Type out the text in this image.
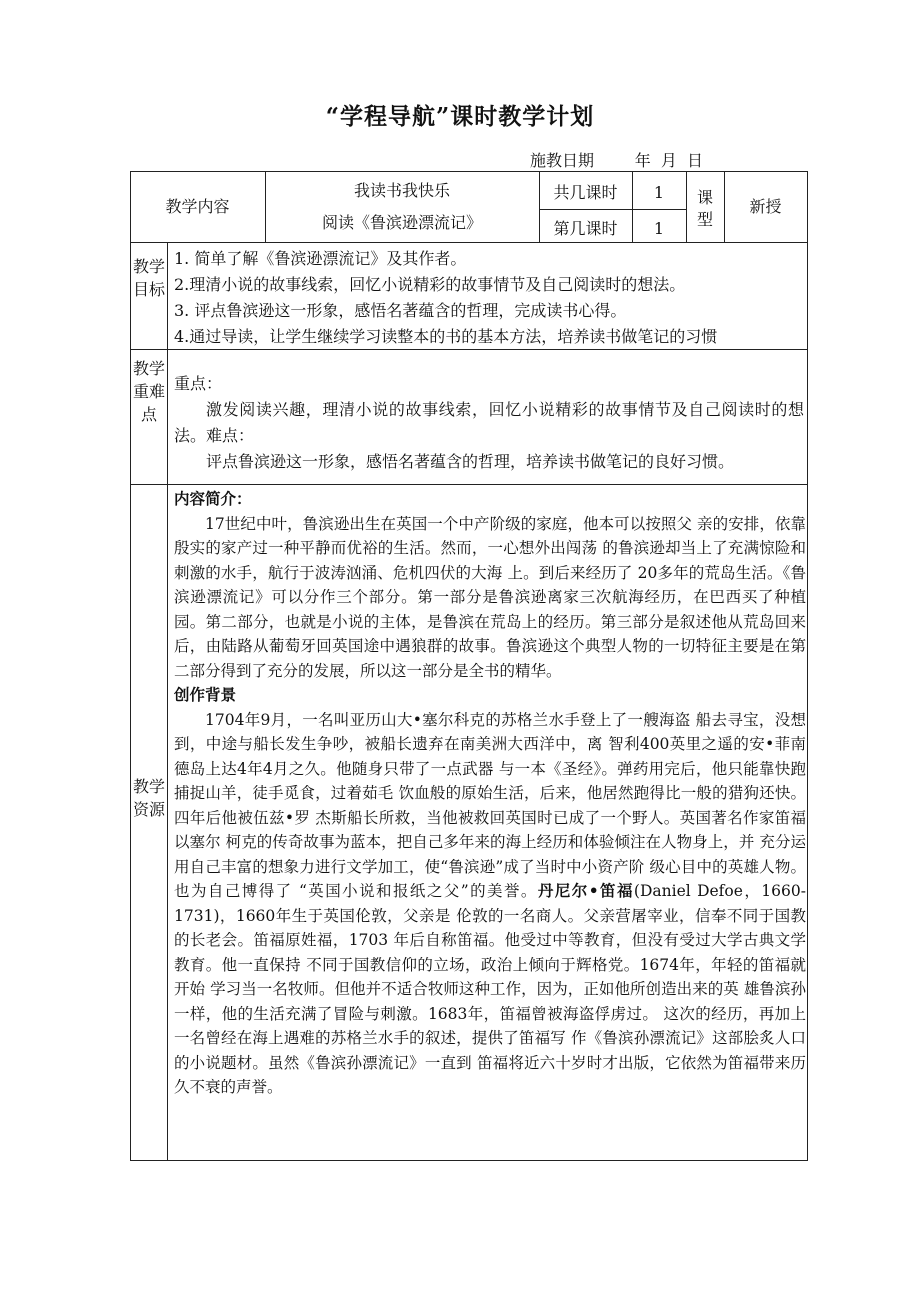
“学程导航”课时教学计划
施教日期        年  月  日
教学内容
我读书我快乐
阅读《鲁滨逊漂流记》
共几课时	1
第几课时	1
课型
新授
教学目标
1. 简单了解《鲁滨逊漂流记》及其作者。
2.理清小说的故事线索，回忆小说精彩的故事情节及自己阅读时的想法。
3. 评点鲁滨逊这一形象，感悟名著蕴含的哲理，完成读书心得。
4.通过导读，让学生继续学习读整本的书的基本方法，培养读书做笔记的习惯
教学重难点

重点：

激发阅读兴趣，理清小说的故事线索，回忆小说精彩的故事情节及自己阅读时的想法。难点：

评点鲁滨逊这一形象，感悟名著蕴含的哲理，培养读书做笔记的良好习惯。

教学资源

内容简介：

17世纪中叶，鲁滨逊出生在英国一个中产阶级的家庭，他本可以按照父 亲的安排，依靠殷实的家产过一种平静而优裕的生活。然而，一心想外出闯荡 的鲁滨逊却当上了充满惊险和刺激的水手，航行于波涛汹涌、危机四伏的大海 上。到后来经历了 20多年的荒岛生活。《鲁滨逊漂流记》可以分作三个部分。第一部分是鲁滨逊离家三次航海经历，在巴西买了种植园。第二部分，也就是小说的主体，是鲁滨在荒岛上的经历。第三部分是叙述他从荒岛回来后，由陆路从葡萄牙回英国途中遇狼群的故事。鲁滨逊这个典型人物的一切特征主要是在第二部分得到了充分的发展，所以这一部分是全书的精华。

创作背景

1704年9月，一名叫亚历山大•塞尔科克的苏格兰水手登上了一艘海盗 船去寻宝，没想到，中途与船长发生争吵，被船长遗弃在南美洲大西洋中，离 智利400英里之遥的安•菲南德岛上达4年4月之久。他随身只带了一点武器 与一本《圣经》。弹药用完后，他只能靠快跑捕捉山羊，徒手觅食，过着茹毛 饮血般的原始生活，后来，他居然跑得比一般的猎狗还快。四年后他被伍兹•罗 杰斯船长所救，当他被救回英国时已成了一个野人。英国著名作家笛福以塞尔 柯克的传奇故事为蓝本，把自己多年来的海上经历和体验倾注在人物身上，并 充分运用自己丰富的想象力进行文学加工，使“鲁滨逊”成了当时中小资产阶 级心目中的英雄人物。也为自己博得了 “英国小说和报纸之父”的美誉。丹尼尔•笛福(Daniel Defoe，1660-1731)，1660年生于英国伦敦，父亲是 伦敦的一名商人。父亲营屠宰业，信奉不同于国教的长老会。笛福原姓福，1703 年后自称笛福。他受过中等教育，但没有受过大学古典文学教育。他一直保持 不同于国教信仰的立场，政治上倾向于辉格党。1674年，年轻的笛福就开始 学习当一名牧师。但他并不适合牧师这种工作，因为，正如他所创造出来的英 雄鲁滨孙一样，他的生活充满了冒险与刺激。1683年，笛福曾被海盗俘虏过。 这次的经历，再加上一名曾经在海上遇难的苏格兰水手的叙述，提供了笛福写 作《鲁滨孙漂流记》这部脍炙人口的小说题材。虽然《鲁滨孙漂流记》一直到 笛福将近六十岁时才出版，它依然为笛福带来历久不衰的声誉。
